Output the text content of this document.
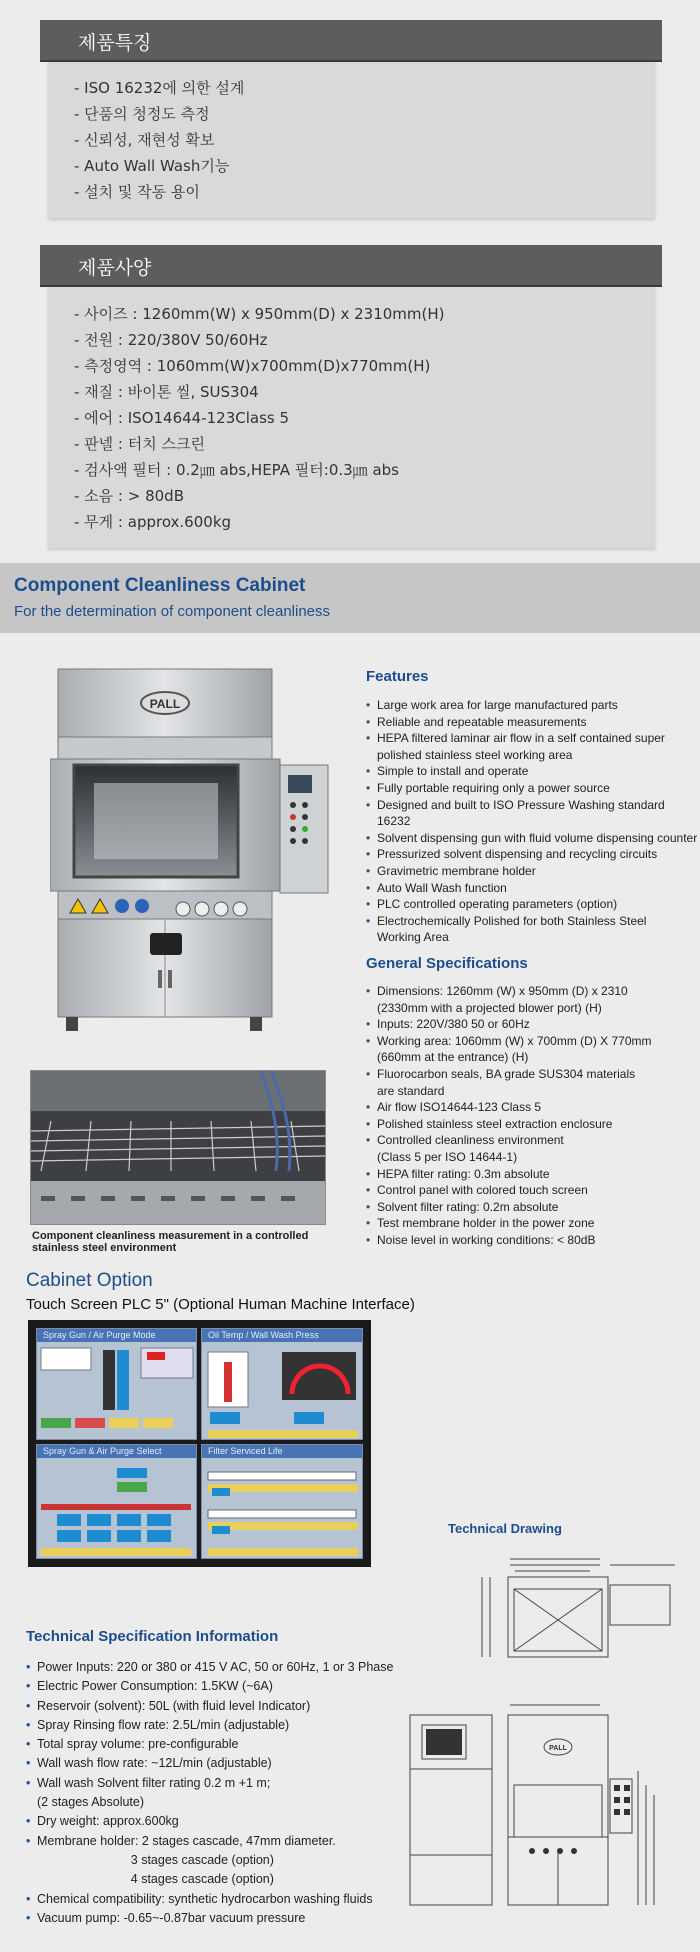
- ISO 16232에 의한 설계
- 단품의 청정도 측정
- 신뢰성, 재현성 확보
- Auto Wall Wash기능
- 설치 및 작동 용이
제품특징
- 사이즈 : 1260mm(W) x 950mm(D) x 2310mm(H)
- 전원 : 220/380V 50/60Hz
- 측정영역 : 1060mm(W)x700mm(D)x770mm(H)
- 재질 : 바이톤 씰, SUS304
- 에어 : ISO14644-123Class 5
- 판넬 : 터치 스크린
- 검사액 필터 : 0.2㎛ abs,HEPA 필터:0.3㎛ abs
- 소음 : > 80dB
- 무게 : approx.600kg
제품사양
Component Cleanliness Cabinet
For the determination of component cleanliness
PALL
Component cleanliness measurement in a controlled stainless steel environment
Features
• Large work area for large manufactured parts
• Reliable and repeatable measurements
• HEPA filtered laminar air flow in a self contained super
polished stainless steel working area
• Simple to install and operate
• Fully portable requiring only a power source
• Designed and built to ISO Pressure Washing standard 16232
• Solvent dispensing gun with fluid volume dispensing counter
• Pressurized solvent dispensing and recycling circuits
• Gravimetric membrane holder
• Auto Wall Wash function
• PLC controlled operating parameters (option)
• Electrochemically Polished for both Stainless Steel
Working Area
General Specifications
• Dimensions: 1260mm (W) x 950mm (D) x 2310
(2330mm with a projected blower port) (H)
• Inputs: 220V/380 50 or 60Hz
• Working area: 1060mm (W) x 700mm (D) X 770mm
(660mm at the entrance) (H)
• Fluorocarbon seals, BA grade SUS304 materials
are standard
• Air flow ISO14644-123 Class 5
• Polished stainless steel extraction enclosure
• Controlled cleanliness environment
(Class 5 per ISO 14644-1)
• HEPA filter rating: 0.3m absolute
• Control panel with colored touch screen
• Solvent filter rating: 0.2m absolute
• Test membrane holder in the power zone
• Noise level in working conditions: < 80dB
Cabinet Option
Touch Screen PLC 5" (Optional Human Machine Interface)
Spray Gun / Air Purge Mode	Oil Temp / Wall Wash Press
Spray Gun & Air Purge Select	Filter Serviced Life
Technical Drawing
PALL
Technical Specification Information
• Power Inputs: 220 or 380 or 415 V AC, 50 or 60Hz, 1 or 3 Phase
• Electric Power Consumption: 1.5KW (~6A)
• Reservoir (solvent): 50L (with fluid level Indicator)
• Spray Rinsing flow rate: 2.5L/min (adjustable)
• Total spray volume: pre-configurable
• Wall wash flow rate: ~12L/min (adjustable)
• Wall wash Solvent filter rating 0.2 m +1 m;
(2 stages Absolute)
• Dry weight: approx.600kg
• Membrane holder: 2 stages cascade, 47mm diameter.
3 stages cascade (option)
4 stages cascade (option)
• Chemical compatibility: synthetic hydrocarbon washing fluids
• Vacuum pump: -0.65~-0.87bar vacuum pressure
